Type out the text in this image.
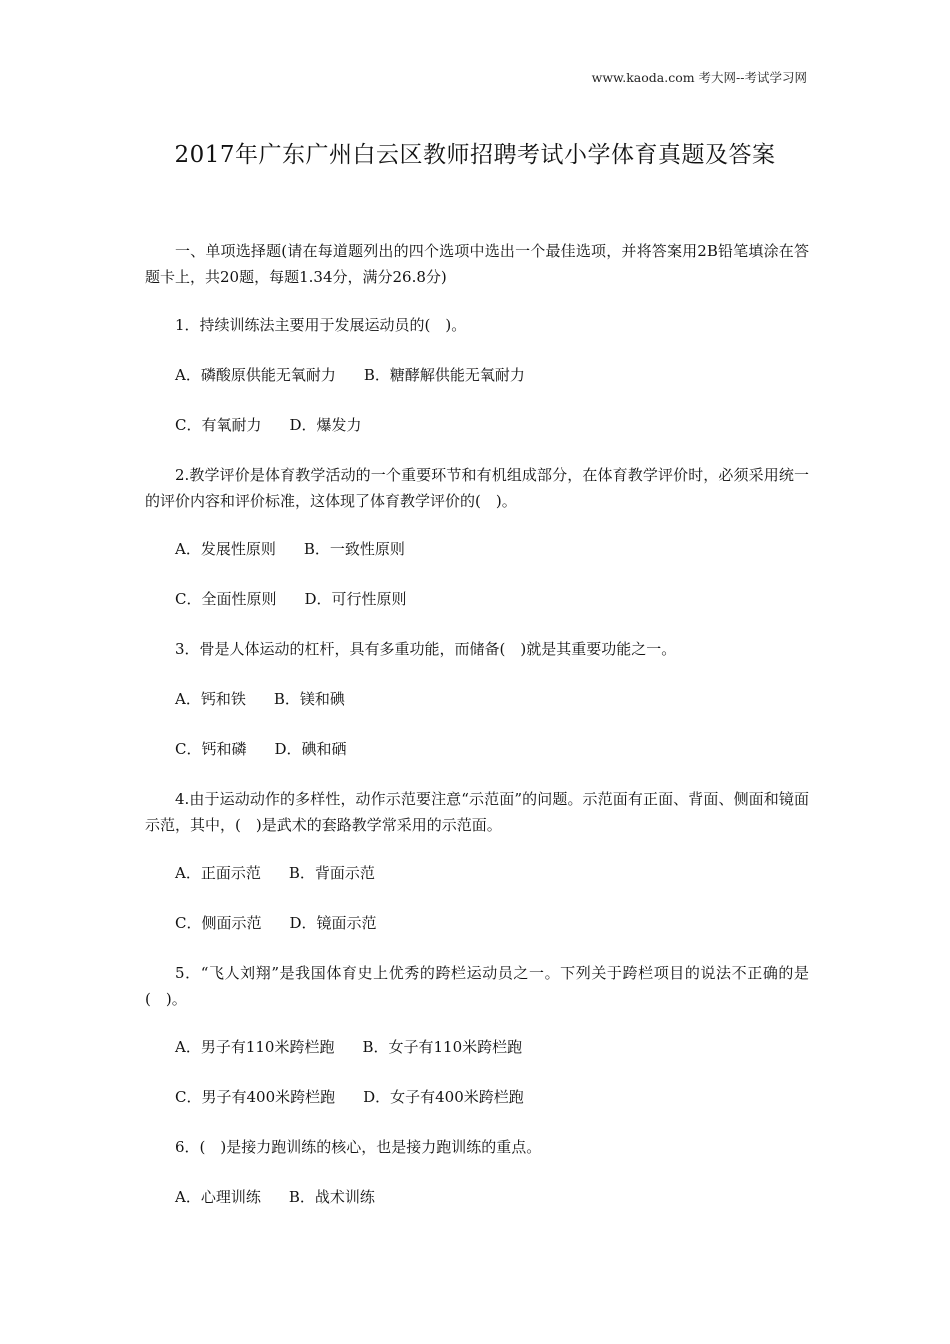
www.kaoda.com 考大网--考试学习网
2017年广东广州白云区教师招聘考试小学体育真题及答案

一、单项选择题(请在每道题列出的四个选项中选出一个最佳选项，并将答案用2B铅笔填涂在答题卡上，共20题，每题1.34分，满分26.8分)

1．持续训练法主要用于发展运动员的(　)。

A．磷酸原供能无氧耐力 B．糖酵解供能无氧耐力

C．有氧耐力 D．爆发力

2.教学评价是体育教学活动的一个重要环节和有机组成部分，在体育教学评价时，必须采用统一的评价内容和评价标准，这体现了体育教学评价的(　)。

A．发展性原则 B．一致性原则

C．全面性原则 D．可行性原则

3．骨是人体运动的杠杆，具有多重功能，而储备(　)就是其重要功能之一。

A．钙和铁 B．镁和碘

C．钙和磷 D．碘和硒

4.由于运动动作的多样性，动作示范要注意“示范面”的问题。示范面有正面、背面、侧面和镜面示范，其中，(　)是武术的套路教学常采用的示范面。

A．正面示范 B．背面示范

C．侧面示范 D．镜面示范

5．“飞人刘翔”是我国体育史上优秀的跨栏运动员之一。下列关于跨栏项目的说法不正确的是(　)。

A．男子有110米跨栏跑 B．女子有110米跨栏跑

C．男子有400米跨栏跑 D．女子有400米跨栏跑

6．(　)是接力跑训练的核心，也是接力跑训练的重点。

A．心理训练 B．战术训练
